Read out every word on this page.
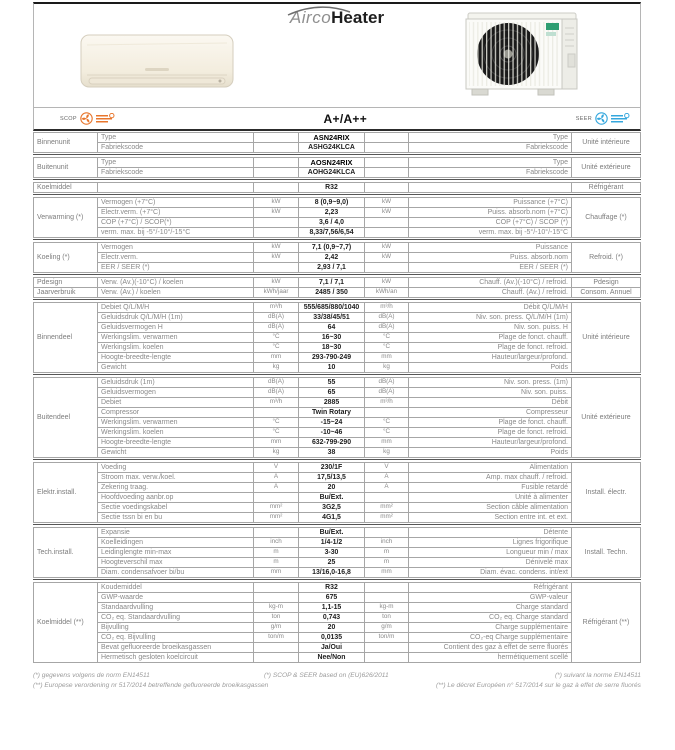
AircoHeater
SCOP	A+/A++	SEER
Binnenunit	Type		ASN24RIX		Type	Unité intérieure
	Fabriekscode		ASHG24KLCA		Fabriekscode	
Buitenunit	Type		AOSN24RIX		Type	Unité extérieure
	Fabriekscode		AOHG24KLCA		Fabriekscode	
Koelmiddel			R32			Réfrigérant
Verwarming (*)	Vermogen (+7°C)	kW	8 (0,9~9,0)	kW	Puissance (+7°C)	Chauffage (*)
	Electr.verm. (+7°C)	kW	2,23	kW	Puiss. absorb.nom (+7°C)	
	COP (+7°C) / SCOP(*)		3,6 / 4,0		COP (+7°C) / SCOP (*)	
	verm. max. bij -5°/-10°/-15°C		8,33/7,56/6,54		verm. max. bij -5°/-10°/-15°C	
Koeling (*)	Vermogen	kW	7,1 (0,9~7,7)	kW	Puissance	Refroid. (*)
	Electr.verm.	kW	2,42	kW	Puiss. absorb.nom	
	EER / SEER (*)		2,93 / 7,1		EER / SEER (*)	
Pdesign	Verw. (Av.)(-10°C) / koelen	kW	7,1 / 7,1	kW	Chauff. (Av.)(-10°C) / refroid.	Pdesign
Jaarverbruik	Verw. (Av.) / koelen	kWh/jaar	2485 / 350	kWh/an	Chauff. (Av.) / refroid.	Consom. Annuel
Binnendeel	Debiet Q/L/M/H	m³/h	555/685/880/1040	m³/h	Débit Q/L/M/H	Unité intérieure
	Geluidsdruk Q/L/M/H (1m)	dB(A)	33/38/45/51	dB(A)	Niv. son. press. Q/L/M/H (1m)	
	Geluidsvermogen H	dB(A)	64	dB(A)	Niv. son. puiss. H	
	Werkingslim. verwarmen	°C	16~30	°C	Plage de fonct. chauff.	
	Werkingslim. koelen	°C	18~30	°C	Plage de fonct. refroid.	
	Hoogte-breedte-lengte	mm	293-790-249	mm	Hauteur/largeur/profond.	
	Gewicht	kg	10	kg	Poids	
Buitendeel	Geluidsdruk (1m)	dB(A)	55	dB(A)	Niv. son. press. (1m)	Unité extérieure
	Geluidsvermogen	dB(A)	65	dB(A)	Niv. son. puiss.	
	Debiet	m³/h	2885	m³/h	Débit	
	Compressor		Twin Rotary		Compresseur	
	Werkingslim. verwarmen	°C	-15~24	°C	Plage de fonct. chauff.	
	Werkingslim. koelen	°C	-10~46	°C	Plage de fonct. refroid.	
	Hoogte-breedte-lengte	mm	632-799-290	mm	Hauteur/largeur/profond.	
	Gewicht	kg	38	kg	Poids	
Elektr.install.	Voeding	V	230/1F	V	Alimentation	Install. électr.
	Stroom max. verw./koel.	A	17,5/13,5	A	Amp. max chauff. / refroid.	
	Zekering traag.	A	20	A	Fusible retardé	
	Hoofdvoeding aanbr.op		Bu/Ext.		Unité à alimenter	
	Sectie voedingskabel	mm²	3G2,5	mm²	Section câble alimentation	
	Sectie tssn bi en bu	mm²	4G1,5	mm²	Section entre int. et ext.	
Tech.install.	Expansie		Bu/Ext.		Détente	Install. Techn.
	Koelleidingen	inch	1/4-1/2	inch	Lignes frigorifique	
	Leidinglengte min-max	m	3-30	m	Longueur min / max	
	Hoogteverschil max	m	25	m	Dénivelé max	
	Diam. condensafvoer bi/bu	mm	13/16,0-16,8	mm	Diam. évac. condens. int/ext	
Koelmiddel (**)	Koudemiddel		R32		Réfrigérant	Réfrigérant (**)
	GWP-waarde		675		GWP-valeur	
	Standaardvulling	kg-m	1,1-15	kg-m	Charge standard	
	CO₂ eq. Standaardvulling	ton	0,743	ton	CO₂ eq. Charge standard	
	Bijvulling	g/m	20	g/m	Charge supplémentaire	
	CO₂ eq. Bijvulling	ton/m	0,0135	ton/m	CO₂-eq Charge supplémentaire	
	Bevat gefluoreerde broeikasgassen		Ja/Oui		Contient des gaz à effet de serre fluorés	
	Hermetisch gesloten koelcircuit		Nee/Non		hermétiquement scellé	
(*) gegevens volgens de norm EN14511	(*) SCOP & SEER based on (EU)626/2011	(*) suivant la norme EN14511
(**) Europese verordening nr 517/2014 betreffende gefluoreerde broeikasgassen	(**) Le décret Européen n° 517/2014 sur le gaz à effet de serre fluorés
